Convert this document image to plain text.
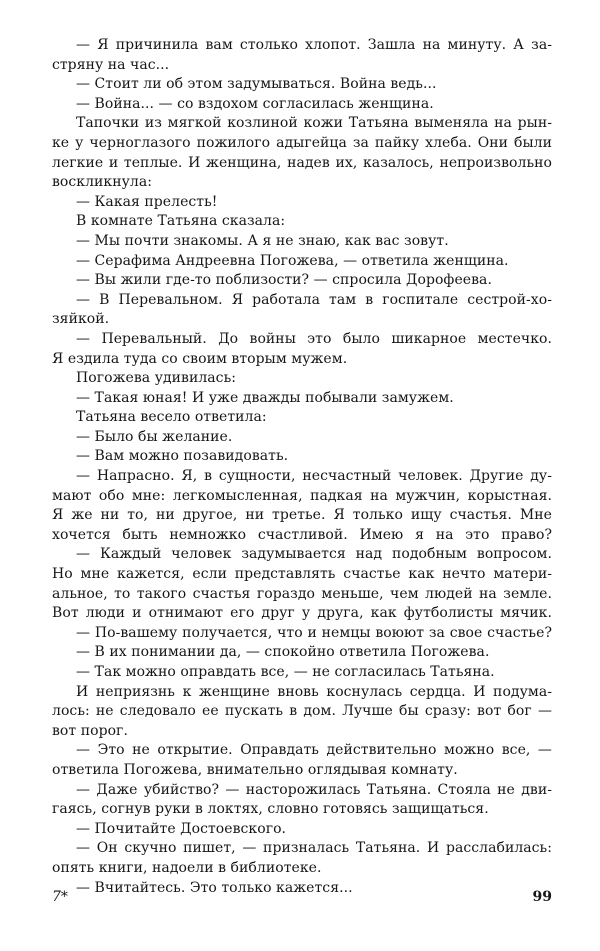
— Я причинила вам столько хлопот. Зашла на минуту. А за-
стряну на час...
— Стоит ли об этом задумываться. Война ведь...
— Война... — со вздохом согласилась женщина.
Тапочки из мягкой козлиной кожи Татьяна выменяла на рын-
ке у черноглазого пожилого адыгейца за пайку хлеба. Они были
легкие и теплые. И женщина, надев их, казалось, непроизвольно
воскликнула:
— Какая прелесть!
В комнате Татьяна сказала:
— Мы почти знакомы. А я не знаю, как вас зовут.
— Серафима Андреевна Погожева, — ответила женщина.
— Вы жили где-то поблизости? — спросила Дорофеева.
— В Перевальном. Я работала там в госпитале сестрой-хо-
зяйкой.
— Перевальный. До войны это было шикарное местечко.
Я ездила туда со своим вторым мужем.
Погожева удивилась:
— Такая юная! И уже дважды побывали замужем.
Татьяна весело ответила:
— Было бы желание.
— Вам можно позавидовать.
— Напрасно. Я, в сущности, несчастный человек. Другие ду-
мают обо мне: легкомысленная, падкая на мужчин, корыстная.
Я же ни то, ни другое, ни третье. Я только ищу счастья. Мне
хочется быть немножко счастливой. Имею я на это право?
— Каждый человек задумывается над подобным вопросом.
Но мне кажется, если представлять счастье как нечто матери-
альное, то такого счастья гораздо меньше, чем людей на земле.
Вот люди и отнимают его друг у друга, как футболисты мячик.
— По-вашему получается, что и немцы воюют за свое счастье?
— В их понимании да, — спокойно ответила Погожева.
— Так можно оправдать все, — не согласилась Татьяна.
И неприязнь к женщине вновь коснулась сердца. И подума-
лось: не следовало ее пускать в дом. Лучше бы сразу: вот бог —
вот порог.
— Это не открытие. Оправдать действительно можно все, —
ответила Погожева, внимательно оглядывая комнату.
— Даже убийство? — насторожилась Татьяна. Стояла не дви-
гаясь, согнув руки в локтях, словно готовясь защищаться.
— Почитайте Достоевского.
— Он скучно пишет, — призналась Татьяна. И расслабилась:
опять книги, надоели в библиотеке.
— Вчитайтесь. Это только кажется...
7*	99
